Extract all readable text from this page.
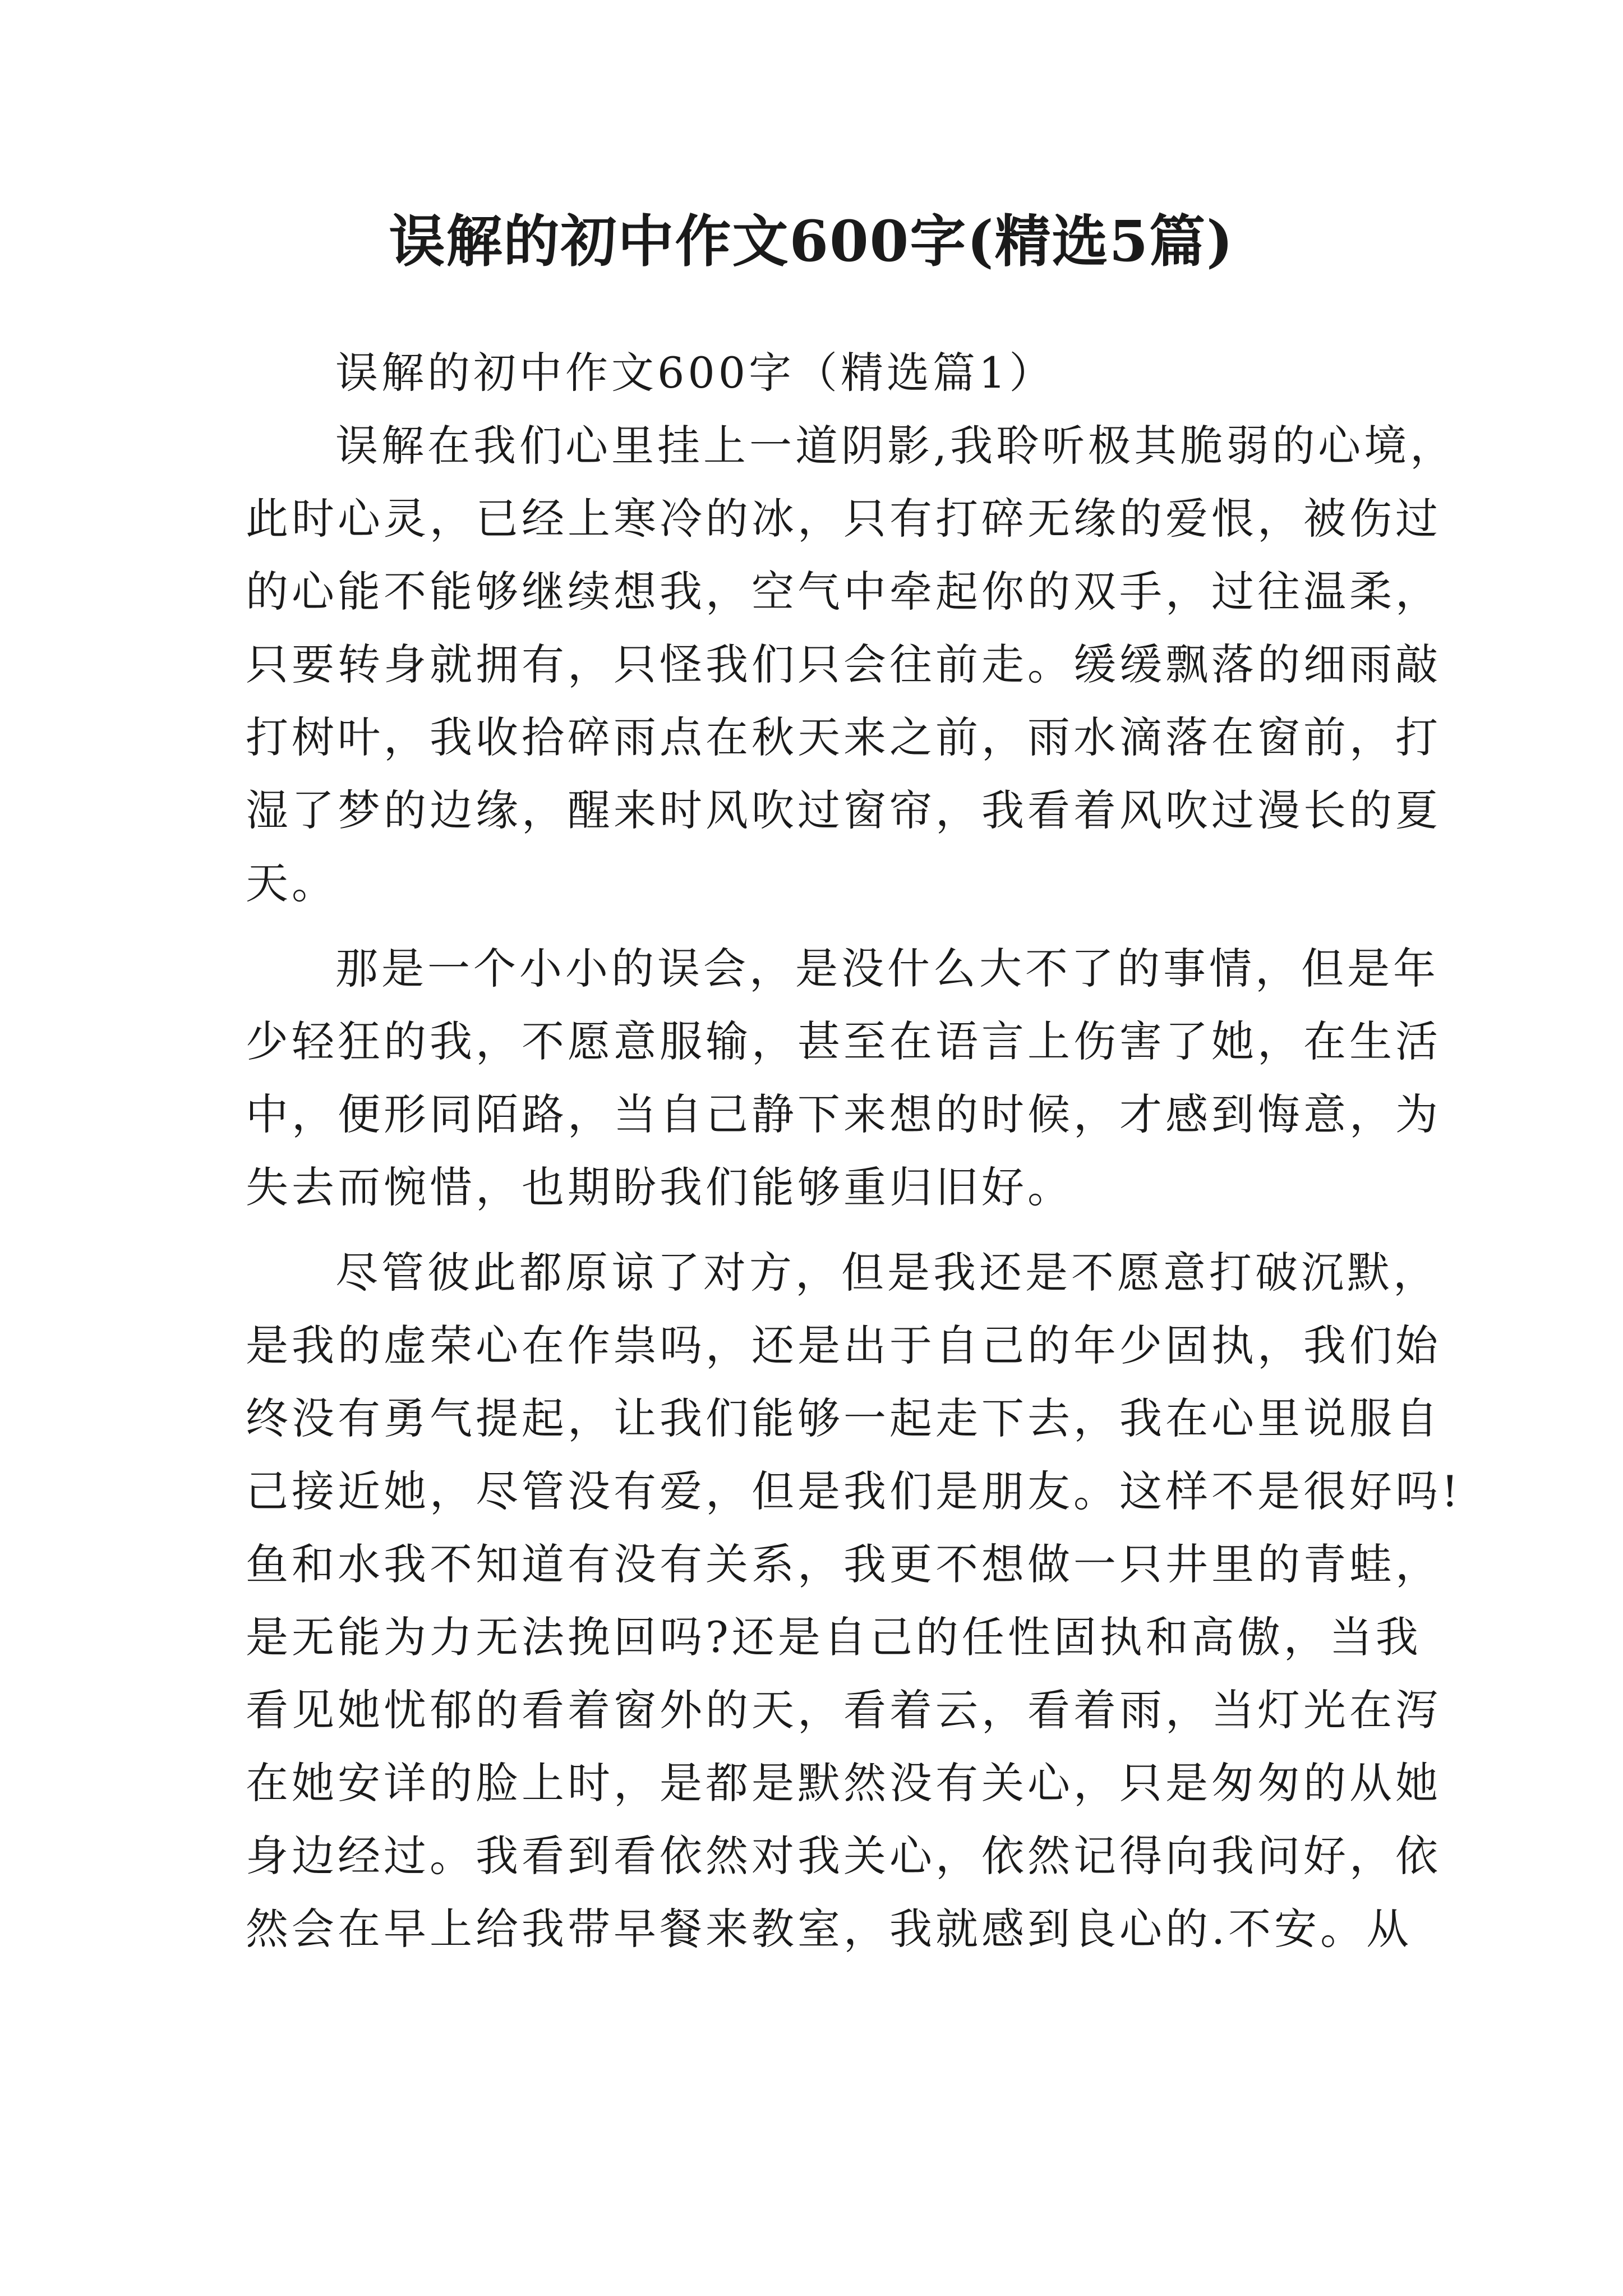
误解的初中作文600字(精选5篇)
误解的初中作文600字（精选篇1）
误解在我们心里挂上一道阴影,我聆听极其脆弱的心境，
此时心灵，已经上寒冷的冰，只有打碎无缘的爱恨，被伤过
的心能不能够继续想我，空气中牵起你的双手，过往温柔，
只要转身就拥有，只怪我们只会往前走。缓缓飘落的细雨敲
打树叶，我收拾碎雨点在秋天来之前，雨水滴落在窗前，打
湿了梦的边缘，醒来时风吹过窗帘，我看着风吹过漫长的夏
天。
那是一个小小的误会，是没什么大不了的事情，但是年
少轻狂的我，不愿意服输，甚至在语言上伤害了她，在生活
中，便形同陌路，当自己静下来想的时候，才感到悔意，为
失去而惋惜，也期盼我们能够重归旧好。
尽管彼此都原谅了对方，但是我还是不愿意打破沉默，
是我的虚荣心在作祟吗，还是出于自己的年少固执，我们始
终没有勇气提起，让我们能够一起走下去，我在心里说服自
己接近她，尽管没有爱，但是我们是朋友。这样不是很好吗!
鱼和水我不知道有没有关系，我更不想做一只井里的青蛙，
是无能为力无法挽回吗?还是自己的任性固执和高傲，当我
看见她忧郁的看着窗外的天，看着云，看着雨，当灯光在泻
在她安详的脸上时，是都是默然没有关心，只是匆匆的从她
身边经过。我看到看依然对我关心，依然记得向我问好，依
然会在早上给我带早餐来教室，我就感到良心的.不安。从
